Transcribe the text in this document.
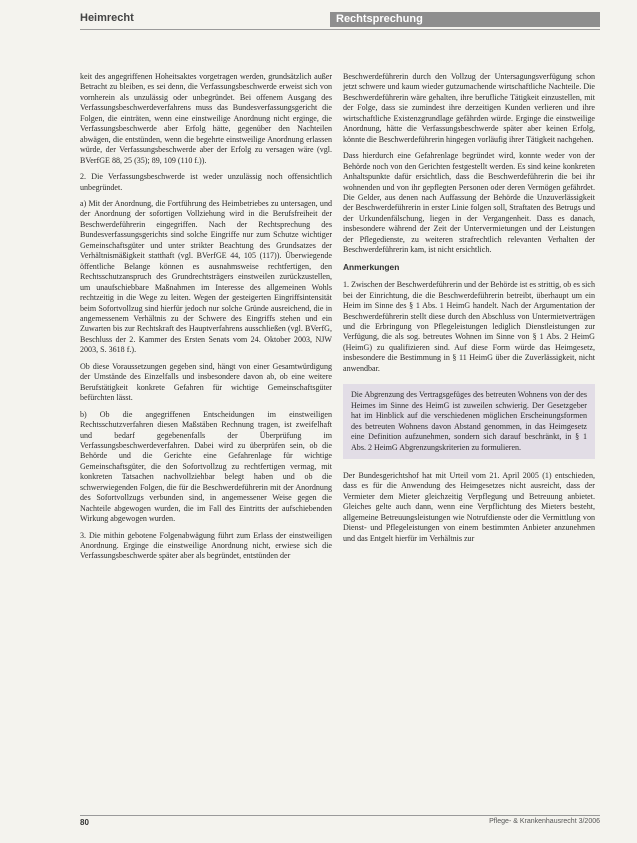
Heimrecht	Rechtsprechung

keit des angegriffenen Hoheitsaktes vorgetragen werden, grundsätzlich außer Betracht zu bleiben, es sei denn, die Verfassungsbeschwerde erweist sich von vornherein als unzulässig oder unbegründet. Bei offenem Ausgang des Verfassungsbeschwerdeverfahrens muss das Bundesverfassungsgericht die Folgen, die einträten, wenn eine einstweilige Anordnung nicht erginge, die Verfassungsbeschwerde aber Erfolg hätte, gegenüber den Nachteilen abwägen, die entstünden, wenn die begehrte einstweilige Anordnung erlassen würde, der Verfassungsbeschwerde aber der Erfolg zu versagen wäre (vgl. BVerfGE 88, 25 (35); 89, 109 (110 f.)).

2. Die Verfassungsbeschwerde ist weder unzulässig noch offensichtlich unbegründet.

a) Mit der Anordnung, die Fortführung des Heimbetriebes zu untersagen, und der Anordnung der sofortigen Vollziehung wird in die Berufsfreiheit der Beschwerdeführerin eingegriffen. Nach der Rechtsprechung des Bundesverfassungsgerichts sind solche Eingriffe nur zum Schutze wichtiger Gemeinschaftsgüter und unter strikter Beachtung des Grundsatzes der Verhältnismäßigkeit statthaft (vgl. BVerfGE 44, 105 (117)). Überwiegende öffentliche Belange können es ausnahmsweise rechtfertigen, den Rechtsschutzanspruch des Grundrechtsträgers einstweilen zurückzustellen, um unaufschiebbare Maßnahmen im Interesse des allgemeinen Wohls rechtzeitig in die Wege zu leiten. Wegen der gesteigerten Eingriffsintensität beim Sofortvollzug sind hierfür jedoch nur solche Gründe ausreichend, die in angemessenem Verhältnis zu der Schwere des Eingriffs stehen und ein Zuwarten bis zur Rechtskraft des Hauptverfahrens ausschließen (vgl. BVerfG, Beschluss der 2. Kammer des Ersten Senats vom 24. Oktober 2003, NJW 2003, S. 3618 f.).

Ob diese Voraussetzungen gegeben sind, hängt von einer Gesamtwürdigung der Umstände des Einzelfalls und insbesondere davon ab, ob eine weitere Berufstätigkeit konkrete Gefahren für wichtige Gemeinschaftsgüter befürchten lässt.

b) Ob die angegriffenen Entscheidungen im einstweiligen Rechtsschutzverfahren diesen Maßstäben Rechnung tragen, ist zweifelhaft und bedarf gegebenenfalls der Überprüfung im Verfassungsbeschwerdeverfahren. Dabei wird zu überprüfen sein, ob die Behörde und die Gerichte eine Gefahrenlage für wichtige Gemeinschaftsgüter, die den Sofortvollzug zu rechtfertigen vermag, mit konkreten Tatsachen nachvollziehbar belegt haben und ob die schwerwiegenden Folgen, die für die Beschwerdeführerin mit der Anordnung des Sofortvollzugs verbunden sind, in angemessener Weise gegen die Nachteile abgewogen wurden, die im Fall des Eintritts der aufschiebenden Wirkung abgewogen wurden.

3. Die mithin gebotene Folgenabwägung führt zum Erlass der einstweiligen Anordnung. Erginge die einstweilige Anordnung nicht, erwiese sich die Verfassungsbeschwerde später aber als begründet, entstünden der

Beschwerdeführerin durch den Vollzug der Untersagungsverfügung schon jetzt schwere und kaum wieder gutzumachende wirtschaftliche Nachteile. Die Beschwerdeführerin wäre gehalten, ihre berufliche Tätigkeit einzustellen, mit der Folge, dass sie zumindest ihre derzeitigen Kunden verlieren und ihre wirtschaftliche Existenzgrundlage gefährden würde. Erginge die einstweilige Anordnung, hätte die Verfassungsbeschwerde später aber keinen Erfolg, könnte die Beschwerdeführerin hingegen vorläufig ihrer Tätigkeit nachgehen.

Dass hierdurch eine Gefahrenlage begründet wird, konnte weder von der Behörde noch von den Gerichten festgestellt werden. Es sind keine konkreten Anhaltspunkte dafür ersichtlich, dass die Beschwerdeführerin die bei ihr wohnenden und von ihr gepflegten Personen oder deren Vermögen gefährdet. Die Gelder, aus denen nach Auffassung der Behörde die Unzuverlässigkeit der Beschwerdeführerin in erster Linie folgen soll, Straftaten des Betrugs und der Urkundenfälschung, liegen in der Vergangenheit. Dass es danach, insbesondere während der Zeit der Untervermietungen und der Leistungen der Pflegedienste, zu weiteren strafrechtlich relevanten Verhalten der Beschwerdeführerin kam, ist nicht ersichtlich.

Anmerkungen

1. Zwischen der Beschwerdeführerin und der Behörde ist es strittig, ob es sich bei der Einrichtung, die die Beschwerdeführerin betreibt, überhaupt um ein Heim im Sinne des § 1 Abs. 1 HeimG handelt. Nach der Argumentation der Beschwerdeführerin stellt diese durch den Abschluss von Untermietverträgen und die Erbringung von Pflegeleistungen lediglich Dienstleistungen zur Verfügung, die als sog. betreutes Wohnen im Sinne von § 1 Abs. 2 HeimG (HeimG) zu qualifizieren sind. Auf diese Form würde das Heimgesetz, insbesondere die Bestimmung in § 11 HeimG über die Zuverlässigkeit, nicht anwendbar.

Die Abgrenzung des Vertragsgefüges des betreuten Wohnens von der des Heimes im Sinne des HeimG ist zuweilen schwierig. Der Gesetzgeber hat im Hinblick auf die verschiedenen möglichen Erscheinungsformen des betreuten Wohnens davon Abstand genommen, in das Heimgesetz eine Definition aufzunehmen, sondern sich darauf beschränkt, in § 1 Abs. 2 HeimG Abgrenzungskriterien zu formulieren.

Der Bundesgerichtshof hat mit Urteil vom 21. April 2005 (1) entschieden, dass es für die Anwendung des Heimgesetzes nicht ausreicht, dass der Vermieter dem Mieter gleichzeitig Verpflegung und Betreuung anbietet. Gleiches gelte auch dann, wenn eine Verpflichtung des Mieters besteht, allgemeine Betreuungsleistungen wie Notrufdienste oder die Vermittlung von Dienst- und Pflegeleistungen von einem bestimmten Anbieter anzunehmen und das Entgelt hierfür im Verhältnis zur

80	Pflege- & Krankenhausrecht 3/2006
